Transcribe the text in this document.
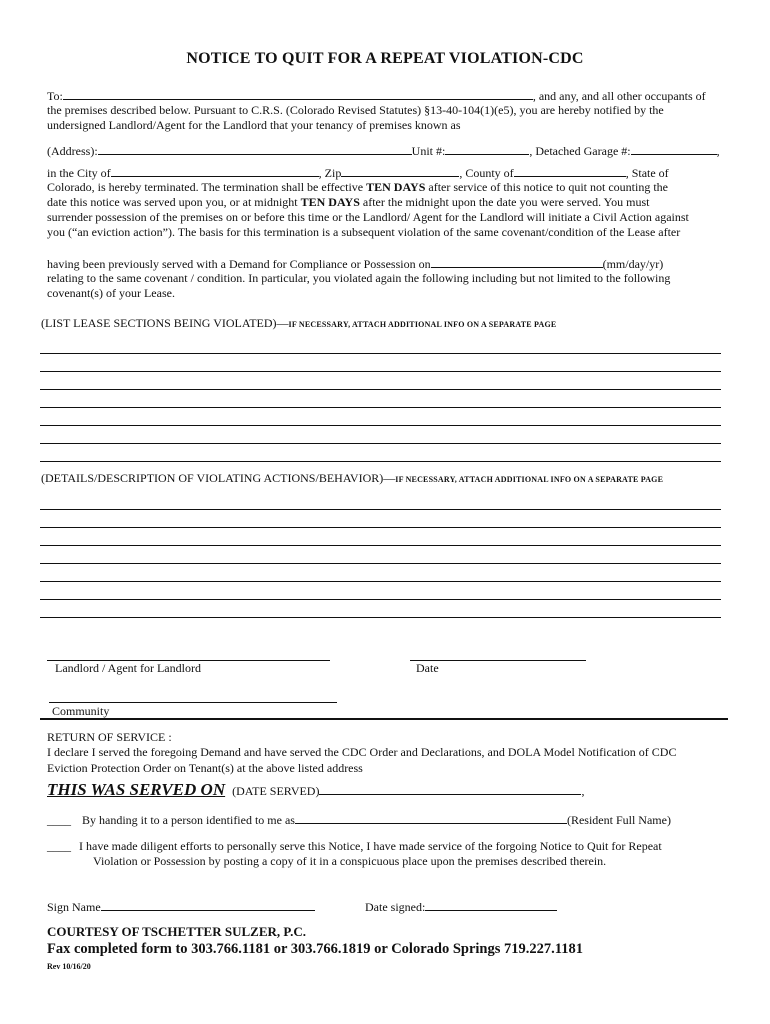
NOTICE TO QUIT FOR A REPEAT VIOLATION-CDC
To:	, and any, and all other occupants of
the premises described below. Pursuant to C.R.S. (Colorado Revised Statutes) §13-40-104(1)(e5), you are hereby notified by the
undersigned Landlord/Agent for the Landlord that your tenancy of premises known as
(Address):	Unit #:	, Detached Garage #:	,
in the City of	, Zip	, County of	, State of
Colorado, is hereby terminated. The termination shall be effective TEN DAYS after service of this notice to quit not counting the
date this notice was served upon you, or at midnight TEN DAYS after the midnight upon the date you were served. You must
surrender possession of the premises on or before this time or the Landlord/ Agent for the Landlord will initiate a Civil Action against
you (“an eviction action”). The basis for this termination is a subsequent violation of the same covenant/condition of the Lease after
having been previously served with a Demand for Compliance or Possession on	(mm/day/yr)
relating to the same covenant / condition. In particular, you violated again the following including but not limited to the following
covenant(s) of your Lease.
(LIST LEASE SECTIONS BEING VIOLATED)—IF NECESSARY, ATTACH ADDITIONAL INFO ON A SEPARATE PAGE
(DETAILS/DESCRIPTION OF VIOLATING ACTIONS/BEHAVIOR)—IF NECESSARY, ATTACH ADDITIONAL INFO ON A SEPARATE PAGE
Landlord / Agent for Landlord	Date
Community
RETURN OF SERVICE :
I declare I served the foregoing Demand and have served the CDC Order and Declarations, and DOLA Model Notification of CDC
Eviction Protection Order on Tenant(s) at the above listed address
THIS WAS SERVED ON (DATE SERVED)	,
____ By handing it to a person identified to me as	(Resident Full Name)
____ I have made diligent efforts to personally serve this Notice, I have made service of the forgoing Notice to Quit for Repeat
Violation or Possession by posting a copy of it in a conspicuous place upon the premises described therein.
Sign Name	Date signed:
COURTESY OF TSCHETTER SULZER, P.C.
Fax completed form to 303.766.1181 or 303.766.1819 or Colorado Springs 719.227.1181
Rev 10/16/20
